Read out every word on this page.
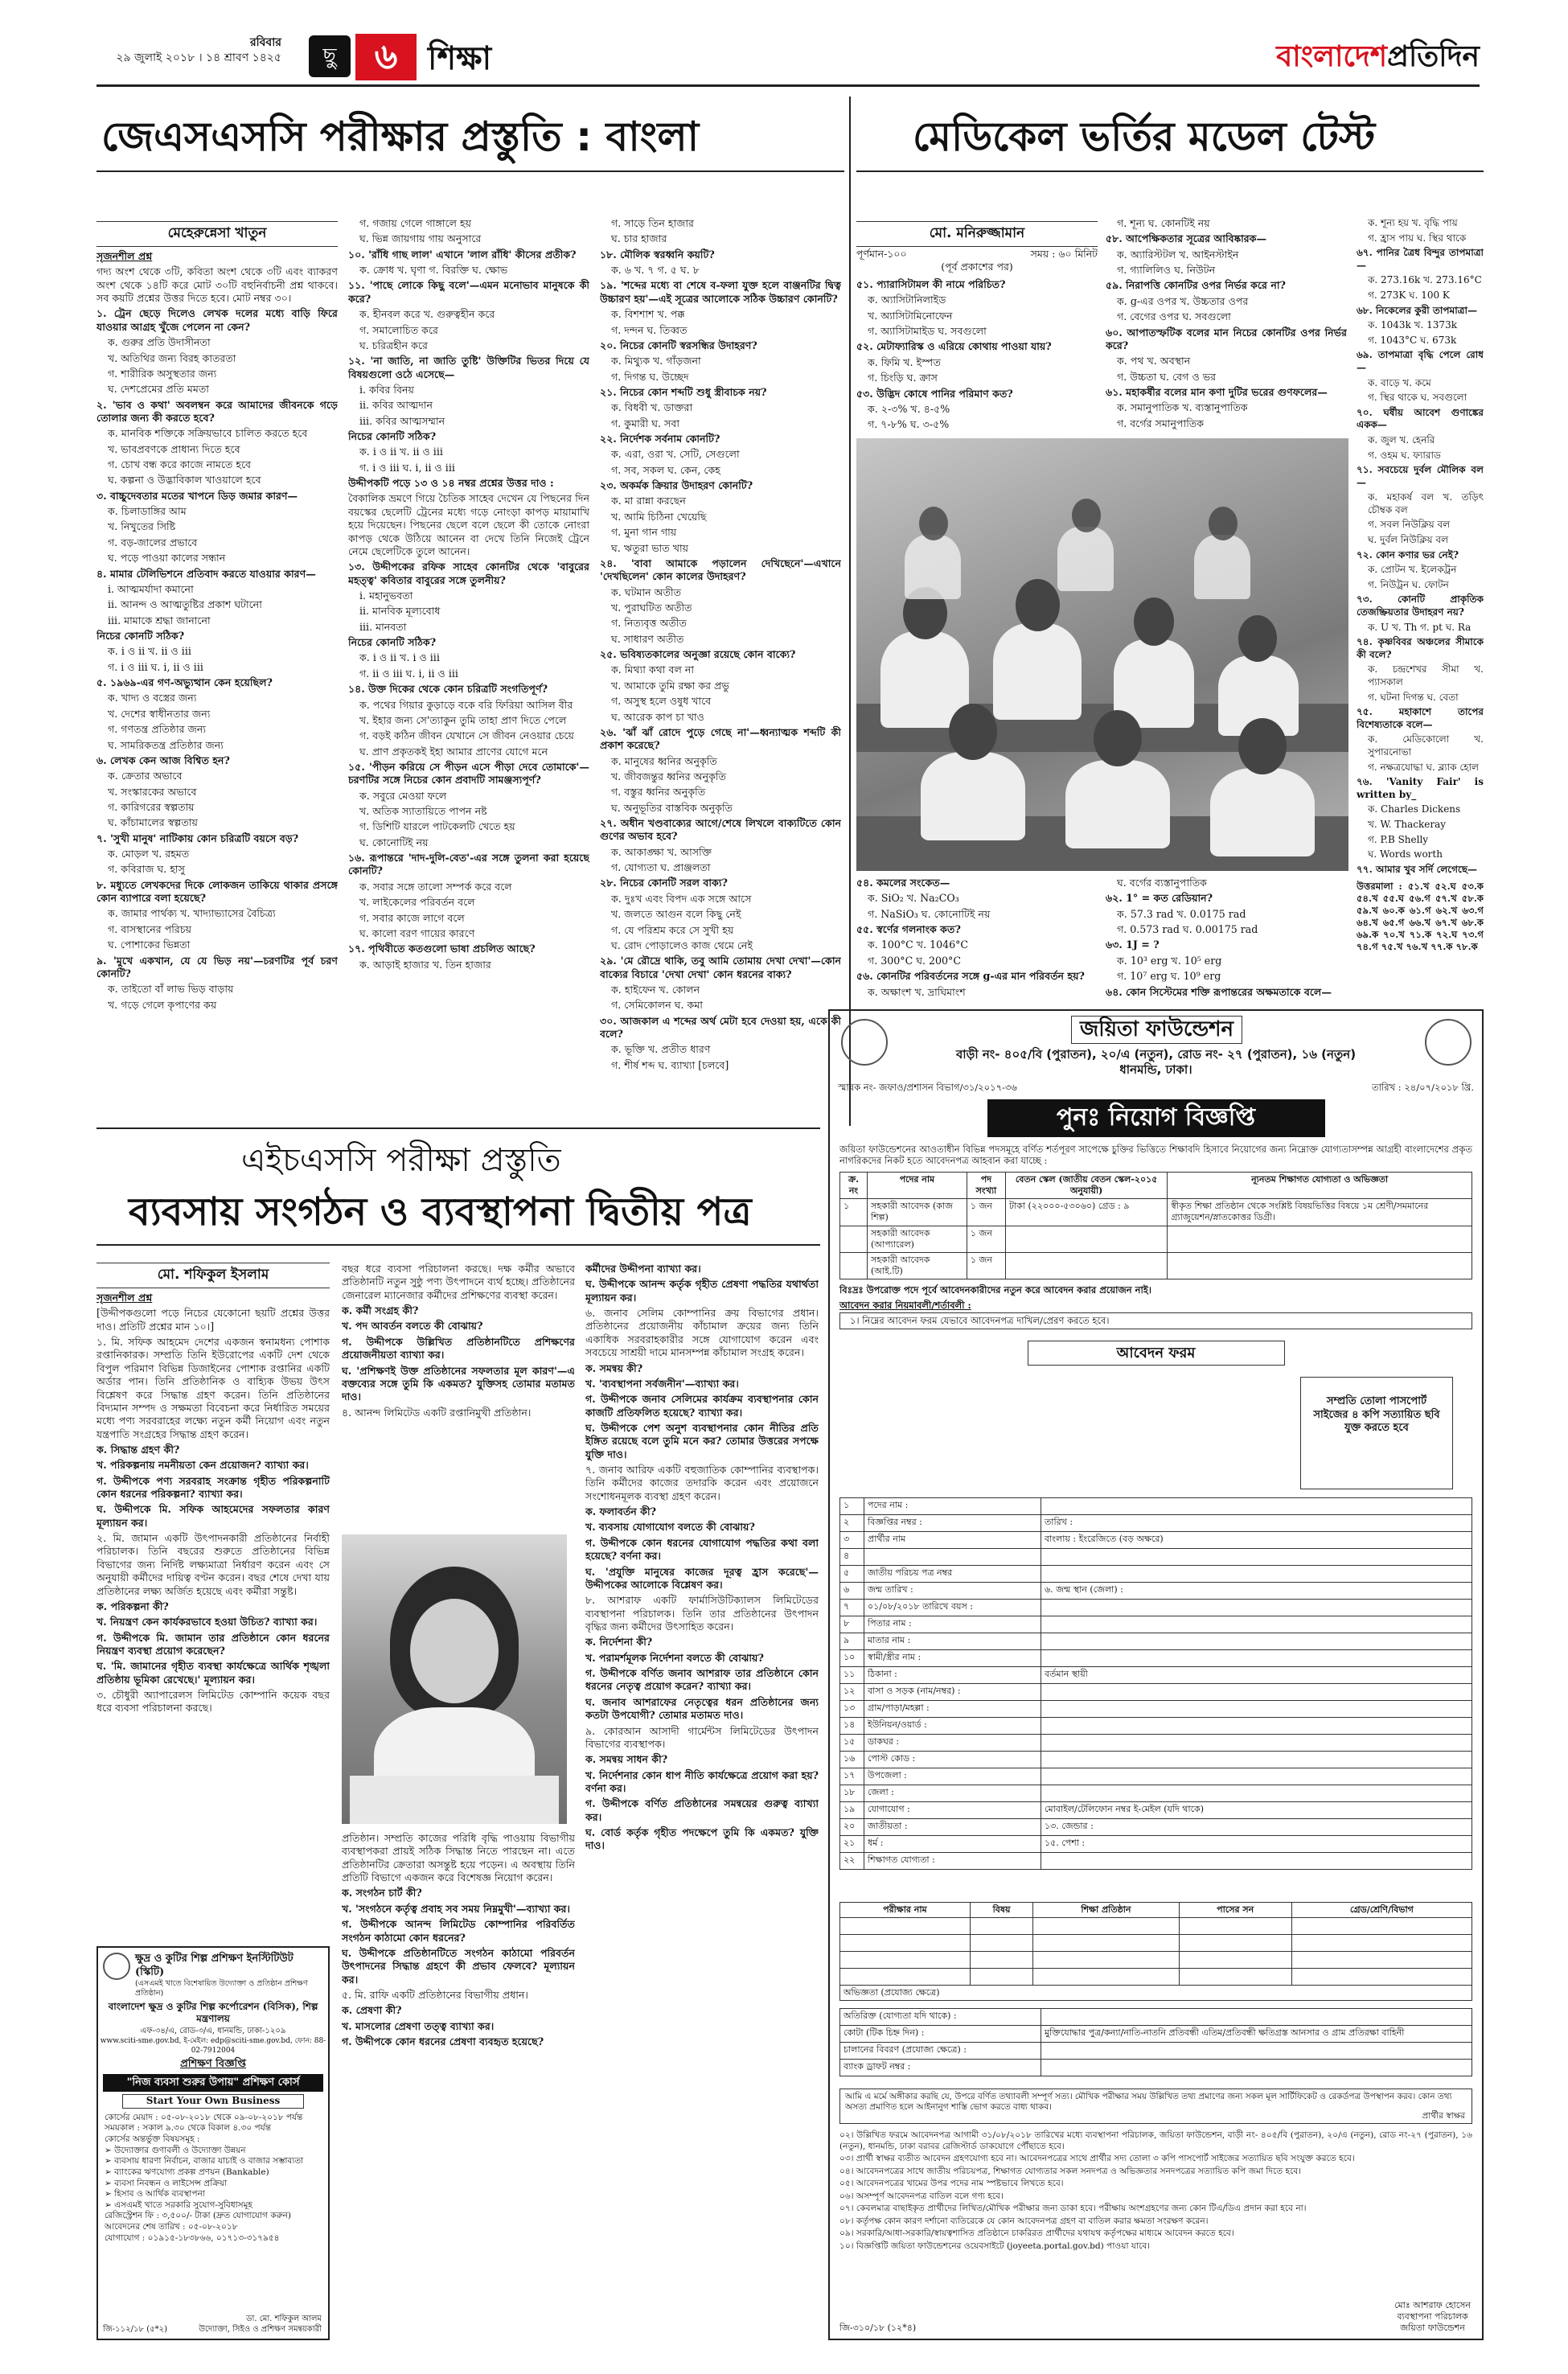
রবিবার
২৯ জুলাই ২০১৮ । ১৪ শ্রাবণ ১৪২৫	ছু	৬ শিক্ষা	বাংলাদেশপ্রতিদিন
জেএসএসসি পরীক্ষার প্রস্তুতি : বাংলা
মেহেরুন্নেসা খাতুন

সৃজনশীল প্রশ্ন

গদ্য অংশ থেকে ৩টি, কবিতা অংশ থেকে ৩টি এবং ব্যাকরণ অংশ থেকে ১৪টি করে মোট ৩০টি বহুনির্বাচনী প্রশ্ন থাকবে। সব কয়টি প্রশ্নের উত্তর দিতে হবে। মোট নম্বর ৩০।

১. ট্রেন ছেড়ে দিলেও লেখক দলের মধ্যে বাড়ি ফিরে যাওয়ার আগ্রহ খুঁজে পেলেন না কেন?

ক. গুরুর প্রতি উদাসীনতা

খ. অতিথির জন্য বিরহ কাতরতা

গ. শারীরিক অসুস্থতার জন্য

ঘ. দেশপ্রেমের প্রতি মমতা

২. 'ভাব ও কথা' অবলম্বন করে আমাদের জীবনকে গড়ে তোলার জন্য কী করতে হবে?

ক. মানবিক শক্তিকে সক্রিয়ভাবে চালিত করতে হবে

খ. ভাবপ্রবণকে প্রাধান্য দিতে হবে

গ. চোখ বন্ধ করে কাজে নামতে হবে

ঘ. কল্পনা ও উদ্ভাবিকাল খাওয়ালে হবে

৩. বাচ্চুদেবতার মতের খাপনে ডিড় জমার কারণ—

ক. চিলাডাঙ্গির আম

খ. নিখুতের সিষ্টি

গ. বড়-জালের প্রভাবে

ঘ. পড়ে পাওয়া কালের সন্ধান

৪. মামার টেলিভিশনে প্রতিবাদ করতে যাওয়ার কারণ—

i. আত্মমর্যাদা কমানো

ii. আনন্দ ও আত্মতুষ্টির প্রকাশ ঘটানো

iii. মামাকে শ্রদ্ধা জানানো

নিচের কোনটি সঠিক?

ক. i ও ii খ. ii ও iii

গ. i ও iii ঘ. i, ii ও iii

৫. ১৯৬৯-এর গণ-অভ্যুত্থান কেন হয়েছিল?

ক. খাদ্য ও বস্ত্রের জন্য

খ. দেশের স্বাধীনতার জন্য

গ. গণতন্ত্র প্রতিষ্ঠার জন্য

ঘ. সামরিকতন্ত্র প্রতিষ্ঠার জন্য

৬. লেখক কেন আজ বিশ্বিত হন?

ক. ক্রেতার অভাবে

খ. সংস্কারকের অভাবে

গ. কারিগরের স্বল্পতায়

ঘ. কাঁচামালের স্বল্পতায়

৭. 'সুখী মানুষ' নাটিকায় কোন চরিত্রটি বয়সে বড়?

ক. মোড়ল খ. রহমত

গ. কবিরাজ ঘ. হাসু

৮. মধ্যুতে লেখকদের দিকে লোকজন তাকিয়ে থাকার প্রসঙ্গে কোন ব্যাপারে বলা হয়েছে?

ক. জামার পার্থক্য খ. খাদ্যাভ্যাসের বৈচিত্র্য

গ. বাসস্থানের পরিচয়

ঘ. পোশাকের ভিন্নতা

৯. 'মুখে একখান, যে যে ভিড় নয়'—চরণটির পূর্ব চরণ কোনটি?

ক. তাইতো বাঁ লাভ ভিড় বাড়ায়

খ. গড়ে গেলে কৃপাণের কয়

গ. গজায় গেলে গাঙ্গালে হয়

ঘ. ভিন্ন জায়গায় গায় অনুসারে

১০. 'রাঁধি গাছ লাল' এখানে 'লাল রাঁধি' কীসের প্রতীক?

ক. ক্রোধ খ. ঘৃণা গ. বিরক্তি ঘ. ক্ষোভ

১১. 'পাছে লোকে কিছু বলে'—এমন মনোভাব মানুষকে কী করে?

ক. হীনবল করে খ. গুরুত্বহীন করে

গ. সমালোচিত করে

ঘ. চরিত্রহীন করে

১২. 'না জাতি, না জাতি তুষ্টি' উক্তিটির ভিতর দিয়ে যে বিষয়গুলো ওঠে এসেছে—

i. কবির বিনয়

ii. কবির আত্মদান

iii. কবির আত্মসম্মান

নিচের কোনটি সঠিক?

ক. i ও ii খ. ii ও iii

গ. i ও iii ঘ. i, ii ও iii

উদ্দীপকটি পড়ে ১৩ ও ১৪ নম্বর প্রশ্নের উত্তর দাও :

বৈকালিক ভ্রমণে গিয়ে চৈতিক সাহেব দেখেন যে পিছনের দিন বয়স্কের ছেলেটি ট্রেনের মধ্যে গড়ে নোংড়া কাপড় মায়ামাখি হয়ে দিয়েছেন। পিছনের ছেলে বলে ছেলে কী তোকে নোংরা কাপড় থেকে উঠিয়ে আনেন বা দেখে তিনি নিজেই ট্রেনে নেমে ছেলেটিকে তুলে আনেন।

১৩. উদ্দীপকের রফিক সাহেব কোনটির থেকে 'বাবুরের মহত্ত্ব' কবিতার বাবুরের সঙ্গে তুলনীয়?

i. মহানুভবতা

ii. মানবিক মূল্যবোধ

iii. মানবতা

নিচের কোনটি সঠিক?

ক. i ও ii খ. i ও iii

গ. ii ও iii ঘ. i, ii ও iii

১৪. উক্ত দিকের থেকে কোন চরিত্রটি সংগতিপূর্ণ?

ক. পথের গিয়ার কুড়াড়ে বকে বরি ফিরিয়া আসিল বীর

খ. ইহার জন্য সে'ত্যাকুন তুমি তাহা প্রাণ দিতে পেলে

গ. বড়ই কঠিন জীবন যেখানে সে জীবন নেওয়ার চেয়ে

ঘ. প্রাণ প্রকৃতকই ইহা আমার প্রাণের যোগে মনে

১৫. 'পীড়ন করিয়ে সে পীড়ন এসে পীড়া দেবে তোমাকে'—চরণটির সঙ্গে নিচের কোন প্রবাদটি সামঞ্জস্যপূর্ণ?

ক. সবুরে মেওয়া ফলে

খ. অতিক স্যাতায়িতে পাপন নষ্ট

গ. ডিশিটি যারলে পাটকেলটি খেতে হয়

ঘ. কোনোটিই নয়

১৬. রূপান্তরে 'দাদ-দুলি-বেত'-এর সঙ্গে তুলনা করা হয়েছে কোনটি?

ক. সবার সঙ্গে তালো সম্পর্ক করে বলে

খ. লাইকেলের পরিবর্তন বলে

গ. সবার কাজে লাগে বলে

ঘ. কালো বরণ গায়ের কারণে

১৭. পৃথিবীতে কতগুলো ভাষা প্রচলিত আছে?

ক. আড়াই হাজার খ. তিন হাজার

গ. সাড়ে তিন হাজার

ঘ. চার হাজার

১৮. মৌলিক স্বরধ্বনি কয়টি?

ক. ৬ খ. ৭ গ. ৫ ঘ. ৮

১৯. 'শব্দের মধ্যে বা শেষে ব-ফলা যুক্ত হলে বাঞ্জনটির দ্বিত্ব উচ্চারণ হয়'—এই সূত্রের আলোকে সঠিক উচ্চারণ কোনটি?

ক. বিশশাশ খ. পক্ক

গ. দন্দন ঘ. তিব্বত

২০. নিচের কোনটি স্বরসন্ধির উদাহরণ?

ক. মিথ্যুক খ. গাঁড়জনা

গ. দিগন্ত ঘ. উচ্ছেদ

২১. নিচের কোন শব্দটি শুধু স্ত্রীবাচক নয়?

ক. বিধবী খ. ডাক্তরা

গ. কুমারী ঘ. সবা

২২. নির্দেশক সর্বনাম কোনটি?

ক. এরা, ওরা খ. সেটি, সেগুলো

গ. সব, সকল ঘ. কেন, কেহ

২৩. অকর্মক ক্রিয়ার উদাহরণ কোনটি?

ক. মা রান্না করছেন

খ. আমি চিঠিনা খেয়েছি

গ. মুনা গান গায়

ঘ. ঋতুরা ভাত খায়

২৪. 'বাবা আমাকে পড়ালেন দেখিছেনে'—এখানে 'দেখছিলেন' কোন কালের উদাহরণ?

ক. ঘটমান অতীত

খ. পুরাঘটিত অতীত

গ. নিত্যবৃত্ত অতীত

ঘ. সাধারণ অতীত

২৫. ভবিষ্যতকালের অনুজ্ঞা রয়েছে কোন বাক্যে?

ক. মিথ্যা কথা বল না

খ. আমাকে তুমি রক্ষা কর প্রভু

গ. অসুস্থ হলে ওষুধ খাবে

ঘ. আরেক কাপ চা খাও

২৬. 'ঝাঁ ঝাঁ রোদে পুড়ে গেছে না'—ধ্বন্যাত্মক শব্দটি কী প্রকাশ করেছে?

ক. মানুষের ধ্বনির অনুকৃতি

খ. জীবজন্তুর ধ্বনির অনুকৃতি

গ. বস্তুর ধ্বনির অনুকৃতি

ঘ. অনুভূতির বাস্তবিক অনুকৃতি

২৭. অধীন খণ্ডবাক্যের আগে/শেষে লিখলে বাক্যটিতে কোন গুণের অভাব হবে?

ক. আকাঙ্ক্ষা খ. আসক্তি

গ. যোগ্যতা ঘ. প্রাঞ্জলতা

২৮. নিচের কোনটি সরল বাক্য?

ক. দুঃখ এবং বিপদ এক সঙ্গে আসে

খ. জলতে আগুন বলে কিছু নেই

গ. যে পরিশ্রম করে সে সুখী হয়

ঘ. রোদ পোড়ালেও কাজ থেমে নেই

২৯. 'মে রৌদ্রে থাকি, তবু আমি তোমায় দেখা দেখা'—কোন বাক্যের বিচারে 'দেখা দেখা' কোন ধরনের বাক্য?

ক. হাইফেন খ. কোলন

গ. সেমিকোলন ঘ. কমা

৩০. আজকাল এ শব্দের অর্থ মেটা হবে দেওয়া হয়, একে কী বলে?

ক. ভূক্তি খ. প্রতীত ধারণ

গ. শীর্ষ শব্দ ঘ. ব্যাখ্যা [চলবে]

মেডিকেল ভর্তির মডেল টেস্ট
মো. মনিরুজ্জামান
পূর্ণমান-১০০	সময় : ৬০ মিনিট
(পূর্ব প্রকাশের পর)

৫১. প্যারাসিটামল কী নামে পরিচিত?

ক. অ্যাসিটানিলাইড

খ. অ্যাসিটামিনোফেন

গ. অ্যাসিটামাইড ঘ. সবগুলো

৫২. মেটাফ্যারিস্ক ও এরিয়ে কোথায় পাওয়া যায়?

ক. ফিমি খ. ইস্পত

গ. চিংড়ি ঘ. ক্রাস

৫৩. উদ্ভিদ কোষে পানির পরিমাণ কত?

ক. ২-৩% খ. ৪-৫%

গ. ৭-৮% ঘ. ৩-৫%

গ. শূন্য ঘ. কোনটিই নয়

৫৮. আপেক্ষিকতার সূত্রের আবিষ্কারক—

ক. অ্যারিস্টটল খ. আইনস্টাইন

গ. গ্যালিলিও ঘ. নিউটন

৫৯. নিরাপত্তি কোনটির ওপর নির্ভর করে না?

ক. g-এর ওপর খ. উচ্চতার ওপর

গ. বেগের ওপর ঘ. সবগুলো

৬০. আপাতস্ফটিক বলের মান নিচের কোনটির ওপর নির্ভর করে?

ক. পথ খ. অবস্থান

গ. উচ্চতা ঘ. বেগ ও ভর

৬১. মহাকর্ষীর বলের মান কণা দুটির ভরের গুণফলের—

ক. সমানুপাতিক খ. ব্যস্তানুপাতিক

গ. বর্গের সমানুপাতিক

৫৪. কমলের সংকেত—

ক. SiO₂ খ. Na₂CO₃

গ. NaSiO₃ ঘ. কোনোটিই নয়

৫৫. স্বর্ণের গলনাংক কত?

ক. 100°C খ. 1046°C

গ. 300°C ঘ. 200°C

৫৬. কোনটির পরিবর্তনের সঙ্গে g-এর মান পরিবর্তন হয়?

ক. অক্ষাংশ খ. দ্রাঘিমাংশ

ঘ. বর্গের ব্যস্তানুপাতিক

৬২. 1° = কত রেডিয়ান?

ক. 57.3 rad খ. 0.0175 rad

গ. 0.573 rad ঘ. 0.00175 rad

৬৩. 1J = ?

ক. 10³ erg খ. 10⁵ erg

গ. 10⁷ erg ঘ. 10⁹ erg

৬৪. কোন সিস্টেমের শক্তি রূপান্তরের অক্ষমতাকে বলে—

ক. শূন্য হয় খ. বৃদ্ধি পায়

গ. হ্রাস পায় ঘ. স্থির থাকে

৬৭. পানির ত্রৈধ বিন্দুর তাপমাত্রা—

ক. 273.16k খ. 273.16°C

গ. 273K ঘ. 100 K

৬৮. নিকেলের কুরী তাপমাত্রা—

ক. 1043k খ. 1373k

গ. 1043°C ঘ. 673k

৬৯. তাপমাত্রা বৃদ্ধি পেলে রোধ—

ক. বাড়ে খ. কমে

গ. স্থির থাকে ঘ. সবগুলো

৭০. ঘর্ষীয় আবেশ গুণাঙ্কের একক—

ক. জুল খ. হেনরি

গ. ওহম ঘ. ফ্যারাড

৭১. সবচেয়ে দুর্বল মৌলিক বল—

ক. মহাকর্ষ বল খ. তড়িৎ চৌম্বক বল

গ. সবল নিউক্লিয় বল

ঘ. দুর্বল নিউক্লিয় বল

৭২. কোন কণার ভর নেই?

ক. প্রোটন খ. ইলেকট্রন

গ. নিউট্রন ঘ. ফোটন

৭৩. কোনটি প্রাকৃতিক তেজষ্ক্রিয়তার উদাহরণ নয়?

ক. U খ. Th গ. pt ঘ. Ra

৭৪. কৃষ্ণবিবর অঞ্চলের সীমাকে কী বলে?

ক. চন্দ্রশেখর সীমা খ. প্যাসকাল

গ. ঘটনা দিগন্ত ঘ. বেতা

৭৫. মহাকাশে তাপের বিশেষ্যতাকে বলে—

ক. মেডিকোলো খ. সুপারনোভা

গ. নক্ষত্রযোদ্ধা ঘ. ব্ল্যাক হোল

৭৬. 'Vanity Fair' is written by_

ক. Charles Dickens

খ. W. Thackeray

গ. P.B Shelly

ঘ. Words worth

৭৭. আমার খুব সর্দি লেগেছে—

উত্তরমালা : ৫১.খ ৫২.ঘ ৫৩.ক ৫৪.খ ৫৫.ঘ ৫৬.গ ৫৭.খ ৫৮.ক ৫৯.খ ৬০.ক ৬১.গ ৬২.খ ৬৩.গ ৬৪.খ ৬৫.গ ৬৬.খ ৬৭.খ ৬৮.ক ৬৯.ক ৭০.খ ৭১.ক ৭২.ঘ ৭৩.গ ৭৪.গ ৭৫.খ ৭৬.খ ৭৭.ক ৭৮.ক
জয়িতা ফাউন্ডেশন
বাড়ী নং- ৪০৫/বি (পুরাতন), ২০/এ (নতুন), রোড নং- ২৭ (পুরাতন), ১৬ (নতুন)
ধানমন্ডি, ঢাকা।
স্মারক নং- জফাও/প্রশাসন বিভাগ/৩১/২০১৭-৩৬	তারিখ : ২৪/০৭/২০১৮ খ্রি.
পুনঃ নিয়োগ বিজ্ঞপ্তি
জয়িতা ফাউন্ডেশনের আওতাধীন বিভিন্ন পদসমূহে বর্ণিত শর্তপূরণ সাপেক্ষে চুক্তির ভিত্তিতে শিক্ষাবদি হিসাবে নিয়োগের জন্য নিম্নোক্ত যোগ্যতাসম্পন্ন আগ্রহী বাংলাদেশের প্রকৃত নাগরিকদের নিকট হতে আবেদনপত্র আহবান করা যাচ্ছে :
ক্র. নং	পদের নাম	পদ সংখ্যা	বেতন স্কেল (জাতীয় বেতন স্কেল-২০১৫ অনুযায়ী)	ন্যূনতম শিক্ষাগত যোগ্যতা ও অভিজ্ঞতা
১	সহকারী আবেদক (কাজ শিল্প)	১ জন	টাকা (২২০০০-৫৩০৬০) গ্রেড : ৯	স্বীকৃত শিক্ষা প্রতিষ্ঠান থেকে সংশ্লিষ্ট বিষয়ভিত্তির বিষয়ে ১ম শ্রেণী/সমমানের গ্র্যাজুয়েশন/স্নাতকোত্তর ডিগ্রী।
	সহকারী আবেদক (আপ্যারেল)	১ জন		
	সহকারী আবেদক (আই.টি)	১ জন		
বিঃদ্রঃ উপরোক্ত পদে পূর্বে আবেদনকারীদের নতুন করে আবেদন করার প্রয়োজন নাই।
আবেদন করার নিয়মাবলী/শর্তাবলী :
১। নিম্নের আবেদন ফরম যেভাবে আবেদনপত্র দাখিল/প্রেরণ করতে হবে।
আবেদন ফরম
সম্প্রতি তোলা পাসপোর্ট সাইজের ৪ কপি সত্যায়িত ছবি যুক্ত করতে হবে
১	পদের নাম :	
২	বিজ্ঞপ্তির নম্বর :	তারিখ :
৩	প্রার্থীর নাম	বাংলায় : ইংরেজিতে (বড় অক্ষরে)
৪		
৫	জাতীয় পরিচয় পত্র নম্বর	
৬	জন্ম তারিখ :	৬. জন্ম স্থান (জেলা) :
৭	০১/০৮/২০১৮ তারিখে বয়স :	
৮	পিতার নাম :	
৯	মাতার নাম :	
১০	স্বামী/স্ত্রীর নাম :	
১১	ঠিকানা :	বর্তমান স্থায়ী
১২	বাসা ও সড়ক (নাম/নম্বর) :	
১৩	গ্রাম/পাড়া/মহল্লা :	
১৪	ইউনিয়ন/ওয়ার্ড :	
১৫	ডাকঘর :	
১৬	পোস্ট কোড :	
১৭	উপজেলা :	
১৮	জেলা :	
১৯	যোগাযোগ :	মোবাইল/টেলিফোন নম্বর ই-মেইল (যদি থাকে)
২০	জাতীয়তা :	১৩. জেন্ডার :
২১	ধর্ম :	১৫. পেশা :
২২	শিক্ষাগত যোগ্যতা :	
পরীক্ষার নাম	বিষয়	শিক্ষা প্রতিষ্ঠান	পাসের সন	গ্রেড/শ্রেণি/বিভাগ

অভিজ্ঞতা (প্রযোজ্য ক্ষেত্রে)				
অতিরিক্ত (যোগ্যতা যদি থাকে) :	
কোটা (টিক চিহ্ন দিন) :	মুক্তিযোদ্ধার পুত্র/কন্যা/নাতি-নাতনি প্রতিবন্ধী এতিম/প্রতিবন্ধী ক্ষতিগ্রস্ত আনসার ও গ্রাম প্রতিরক্ষা বাহিনী
চালানের বিবরণ (প্রযোজ্য ক্ষেত্রে) :	
ব্যাংক ড্রাফট নম্বর :	
আমি এ মর্মে অঙ্গীকার করছি যে, উপরে বর্ণিত তথ্যাবলী সম্পূর্ণ সত্য। মৌখিক পরীক্ষার সময় উল্লিখিত তথ্য প্রমাণের জন্য সকল মূল সার্টিফিকেট ও রেকর্ডপত্র উপস্থাপন করব। কোন তথ্য অসত্য প্রমাণিত হলে আইনানুগ শাস্তি ভোগ করতে বাধ্য থাকব।
প্রার্থীর স্বাক্ষর

০২। উল্লিখিত ফরমে আবেদনপত্র আগামী ৩১/০৮/২০১৮ তারিখের মধ্যে ব্যবস্থাপনা পরিচালক, জয়িতা ফাউন্ডেশন, বাড়ী নং- ৪০৫/বি (পুরাতন), ২০/এ (নতুন), রোড নং-২৭ (পুরাতন), ১৬ (নতুন), ধানমন্ডি, ঢাকা বরাবর রেজিস্টার্ড ডাকযোগে পৌঁছাতে হবে।

০৩। প্রার্থী স্বাক্ষর ব্যতীত আবেদন গ্রহণযোগ্য হবে না। আবেদনপত্রের সাথে প্রার্থীর সদ্য তোলা ৩ কপি পাসপোর্ট সাইজের সত্যায়িত ছবি সংযুক্ত করতে হবে।

০৪। আবেদনপত্রের সাথে জাতীয় পরিচয়পত্র, শিক্ষাগত যোগ্যতার সকল সনদপত্র ও অভিজ্ঞতার সনদপত্রের সত্যায়িত কপি জমা দিতে হবে।

০৫। আবেদনপত্রের খামের উপর পদের নাম স্পষ্টভাবে লিখতে হবে।

০৬। অসম্পূর্ণ আবেদনপত্র বাতিল বলে গণ্য হবে।

০৭। কেবলমাত্র বাছাইকৃত প্রার্থীদের লিখিত/মৌখিক পরীক্ষার জন্য ডাকা হবে। পরীক্ষায় অংশগ্রহণের জন্য কোন টিএ/ডিএ প্রদান করা হবে না।

০৮। কর্তৃপক্ষ কোন কারণ দর্শানো ব্যতিরেকে যে কোন আবেদনপত্র গ্রহণ বা বাতিল করার ক্ষমতা সংরক্ষণ করেন।

০৯। সরকারি/আধা-সরকারি/স্বায়ত্বশাসিত প্রতিষ্ঠানে চাকরিরত প্রার্থীদের যথাযথ কর্তৃপক্ষের মাধ্যমে আবেদন করতে হবে।

১০। বিজ্ঞপ্তিটি জয়িতা ফাউন্ডেশনের ওয়েবসাইটে (joyeeta.portal.gov.bd) পাওয়া যাবে।

জি-৩১০/১৮ (১২*৪)
মোঃ আশরাফ হোসেন
ব্যবস্থাপনা পরিচালক
জয়িতা ফাউন্ডেশন
এইচএসসি পরীক্ষা প্রস্তুতি
ব্যবসায় সংগঠন ও ব্যবস্থাপনা দ্বিতীয় পত্র
মো. শফিকুল ইসলাম

সৃজনশীল প্রশ্ন

[উদ্দীপকগুলো পড়ে নিচের যেকোনো ছয়টি প্রশ্নের উত্তর দাও। প্রতিটি প্রশ্নের মান ১০।]

১. মি. সফিক আহমেদ দেশের একজন স্বনামধন্য পোশাক রপ্তানিকারক। সম্প্রতি তিনি ইউরোপের একটি দেশ থেকে বিপুল পরিমাণ বিভিন্ন ডিজাইনের পোশাক রপ্তানির একটি অর্ডার পান। তিনি প্রতিষ্ঠানিক ও বাহ্যিক উভয় উৎস বিশ্লেষণ করে সিদ্ধান্ত গ্রহণ করেন। তিনি প্রতিষ্ঠানের বিদ্যমান সম্পদ ও সক্ষমতা বিবেচনা করে নির্ধারিত সময়ের মধ্যে পণ্য সরবরাহের লক্ষ্যে নতুন কর্মী নিয়োগ এবং নতুন যন্ত্রপাতি সংগ্রহের সিদ্ধান্ত গ্রহণ করেন।

ক. সিদ্ধান্ত গ্রহণ কী?

খ. পরিকল্পনায় নমনীয়তা কেন প্রয়োজন? ব্যাখ্যা কর।

গ. উদ্দীপকে পণ্য সরবরাহ সংক্রান্ত গৃহীত পরিকল্পনাটি কোন ধরনের পরিকল্পনা? ব্যাখ্যা কর।

ঘ. উদ্দীপকে মি. সফিক আহমেদের সফলতার কারণ মূল্যায়ন কর।

২. মি. জামান একটি উৎপাদনকারী প্রতিষ্ঠানের নির্বাহী পরিচালক। তিনি বছরের শুরুতে প্রতিষ্ঠানের বিভিন্ন বিভাগের জন্য নির্দিষ্ট লক্ষ্যমাত্রা নির্ধারণ করেন এবং সে অনুযায়ী কর্মীদের দায়িত্ব বণ্টন করেন। বছর শেষে দেখা যায় প্রতিষ্ঠানের লক্ষ্য অর্জিত হয়েছে এবং কর্মীরা সন্তুষ্ট।

ক. পরিকল্পনা কী?

খ. নিয়ন্ত্রণ কেন কার্যকরভাবে হওয়া উচিত? ব্যাখ্যা কর।

গ. উদ্দীপকে মি. জামান তার প্রতিষ্ঠানে কোন ধরনের নিয়ন্ত্রণ ব্যবস্থা প্রয়োগ করেছেন?

ঘ. 'মি. জামানের গৃহীত ব্যবস্থা কার্যক্ষেত্রে আর্থিক শৃঙ্খলা প্রতিষ্ঠায় ভূমিকা রেখেছে।' মূল্যায়ন কর।

৩. চৌধুরী অ্যাপারেলস লিমিটেড কোম্পানি কয়েক বছর ধরে ব্যবসা পরিচালনা করছে।

বছর ধরে ব্যবসা পরিচালনা করছে। দক্ষ কর্মীর অভাবে প্রতিষ্ঠানটি নতুন সুষ্ঠু পণ্য উৎপাদনে ব্যর্থ হচ্ছে। প্রতিষ্ঠানের জেনারেল ম্যানেজার কর্মীদের প্রশিক্ষণের ব্যবস্থা করেন।

ক. কর্মী সংগ্রহ কী?

খ. পদ আবর্তন বলতে কী বোঝায়?

গ. উদ্দীপকে উল্লিখিত প্রতিষ্ঠানটিতে প্রশিক্ষণের প্রয়োজনীয়তা ব্যাখ্যা কর।

ঘ. 'প্রশিক্ষণই উক্ত প্রতিষ্ঠানের সফলতার মূল কারণ'—এ বক্তব্যের সঙ্গে তুমি কি একমত? যুক্তিসহ তোমার মতামত দাও।

৪. আনন্দ লিমিটেড একটি রপ্তানিমুখী প্রতিষ্ঠান।

প্রতিষ্ঠান। সম্প্রতি কাজের পরিধি বৃদ্ধি পাওয়ায় বিভাগীয় ব্যবস্থাপকরা প্রায়ই সঠিক সিদ্ধান্ত নিতে পারছেন না। এতে প্রতিষ্ঠানটির ক্রেতারা অসন্তুষ্ট হয়ে পড়েন। এ অবস্থায় তিনি প্রতিটি বিভাগে একজন করে বিশেষজ্ঞ নিয়োগ করেন।

ক. সংগঠন চার্ট কী?

খ. 'সংগঠনে কর্তৃত্ব প্রবাহ সব সময় নিম্নমুখী'—ব্যাখ্যা কর।

গ. উদ্দীপকে আনন্দ লিমিটেড কোম্পানির পরিবর্তিত সংগঠন কাঠামো কোন ধরনের?

ঘ. উদ্দীপকে প্রতিষ্ঠানটিতে সংগঠন কাঠামো পরিবর্তন উৎপাদনের সিদ্ধান্ত গ্রহণে কী প্রভাব ফেলবে? মূল্যায়ন কর।

৫. মি. রাফি একটি প্রতিষ্ঠানের বিভাগীয় প্রধান।

ক. প্রেষণা কী?

খ. মাসলোর প্রেষণা তত্ত্ব ব্যাখ্যা কর।

গ. উদ্দীপকে কোন ধরনের প্রেষণা ব্যবহৃত হয়েছে?

কর্মীদের উদ্দীপনা ব্যাখ্যা কর।

ঘ. উদ্দীপকে আনন্দ কর্তৃক গৃহীত প্রেষণা পদ্ধতির যথার্থতা মূল্যায়ন কর।

৬. জনাব সেলিম কোম্পানির ক্রয় বিভাগের প্রধান। প্রতিষ্ঠানের প্রয়োজনীয় কাঁচামাল ক্রয়ের জন্য তিনি একাধিক সরবরাহকারীর সঙ্গে যোগাযোগ করেন এবং সবচেয়ে সাশ্রয়ী দামে মানসম্পন্ন কাঁচামাল সংগ্রহ করেন।

ক. সমন্বয় কী?

খ. 'ব্যবস্থাপনা সর্বজনীন'—ব্যাখ্যা কর।

গ. উদ্দীপকে জনাব সেলিমের কার্যক্রম ব্যবস্থাপনার কোন কাজটি প্রতিফলিত হয়েছে? ব্যাখ্যা কর।

ঘ. উদ্দীপকে পেশ অনুশ ব্যবস্থাপনার কোন নীতির প্রতি ইঙ্গিত রয়েছে বলে তুমি মনে কর? তোমার উত্তরের সপক্ষে যুক্তি দাও।

৭. জনাব আরিফ একটি বহুজাতিক কোম্পানির ব্যবস্থাপক। তিনি কর্মীদের কাজের তদারকি করেন এবং প্রয়োজনে সংশোধনমূলক ব্যবস্থা গ্রহণ করেন।

ক. ফলাবর্তন কী?

খ. ব্যবসায় যোগাযোগ বলতে কী বোঝায়?

গ. উদ্দীপকে কোন ধরনের যোগাযোগ পদ্ধতির কথা বলা হয়েছে? বর্ণনা কর।

ঘ. 'প্রযুক্তি মানুষের কাজের দূরত্ব হ্রাস করেছে'—উদ্দীপকের আলোকে বিশ্লেষণ কর।

৮. আশরাফ একটি ফার্মাসিউটিক্যালস লিমিটেডের ব্যবস্থাপনা পরিচালক। তিনি তার প্রতিষ্ঠানের উৎপাদন বৃদ্ধির জন্য কর্মীদের উৎসাহিত করেন।

ক. নির্দেশনা কী?

খ. পরামর্শমূলক নির্দেশনা বলতে কী বোঝায়?

গ. উদ্দীপকে বর্ণিত জনাব আশরাফ তার প্রতিষ্ঠানে কোন ধরনের নেতৃত্ব প্রয়োগ করেন? ব্যাখ্যা কর।

ঘ. জনাব আশরাফের নেতৃত্বের ধরন প্রতিষ্ঠানের জন্য কতটা উপযোগী? তোমার মতামত দাও।

৯. কোরআন আসাদী গার্মেন্টস লিমিটেডের উৎপাদন বিভাগের ব্যবস্থাপক।

ক. সমন্বয় সাধন কী?

খ. নির্দেশনার কোন ধাপ নীতি কার্যক্ষেত্রে প্রয়োগ করা হয়? বর্ণনা কর।

গ. উদ্দীপকে বর্ণিত প্রতিষ্ঠানের সমন্বয়ের গুরুত্ব ব্যাখ্যা কর।

ঘ. বোর্ড কর্তৃক গৃহীত পদক্ষেপে তুমি কি একমত? যুক্তি দাও।

ক্ষুদ্র ও কুটির শিল্প প্রশিক্ষণ ইনস্টিটিউট (স্কিটি)
(এসএমই খাতে বিশেষায়িত উদ্যোক্তা ও প্রতিষ্ঠান প্রশিক্ষণ প্রতিষ্ঠান)
বাংলাদেশ ক্ষুদ্র ও কুটির শিল্প কর্পোরেশন (বিসিক), শিল্প মন্ত্রণালয়
এফ-৩৪/এ, রোড-৩/এ, ধানমন্ডি, ঢাকা-১২০৯
www.sciti-sme.gov.bd, ই-মেইল: edp@sciti-sme.gov.bd, ফোন: 88-02-7912004
প্রশিক্ষণ বিজ্ঞপ্তি
"নিজ ব্যবসা শুরুর উপায়" প্রশিক্ষণ কোর্স
Start Your Own Business

কোর্সের মেয়াদ : ০৫-০৮-২০১৮ থেকে ০৯-০৮-২০১৮ পর্যন্ত

সময়কাল : সকাল ৯.৩০ থেকে বিকাল ৪.৩০ পর্যন্ত

কোর্সের অন্তর্ভুক্ত বিষয়সমূহ :

➢ উদ্যোক্তার গুণাবলী ও উদ্যোক্তা উন্নয়ন

➢ ব্যবসায় ধারণা নির্বাচন, বাজার যাচাই ও বাজার সম্ভাব্যতা

➢ ব্যাংকের ঋণযোগ্য প্রকল্প প্রণয়ন (Bankable)

➢ ব্যবসা নিবন্ধন ও লাইসেন্স প্রক্রিয়া

➢ হিসাব ও আর্থিক ব্যবস্থাপনা

➢ এসএমই খাতে সরকারি সুযোগ-সুবিধাসমূহ

রেজিস্ট্রেশন ফি : ৩,৫০০/- টাকা (দ্রুত যোগাযোগ করুন)

আবেদনের শেষ তারিখ : ০৫-০৮-২০১৮

যোগাযোগ : ০১৯১৫-১৮৩৮৬৬, ০১৭১৩-৩১৭৯৫৪

জি-১১২/১৮ (৫*২)
ডা. মো. শফিকুল আলম
উদ্যোক্তা, সিইও ও প্রশিক্ষণ সমন্বয়কারী
